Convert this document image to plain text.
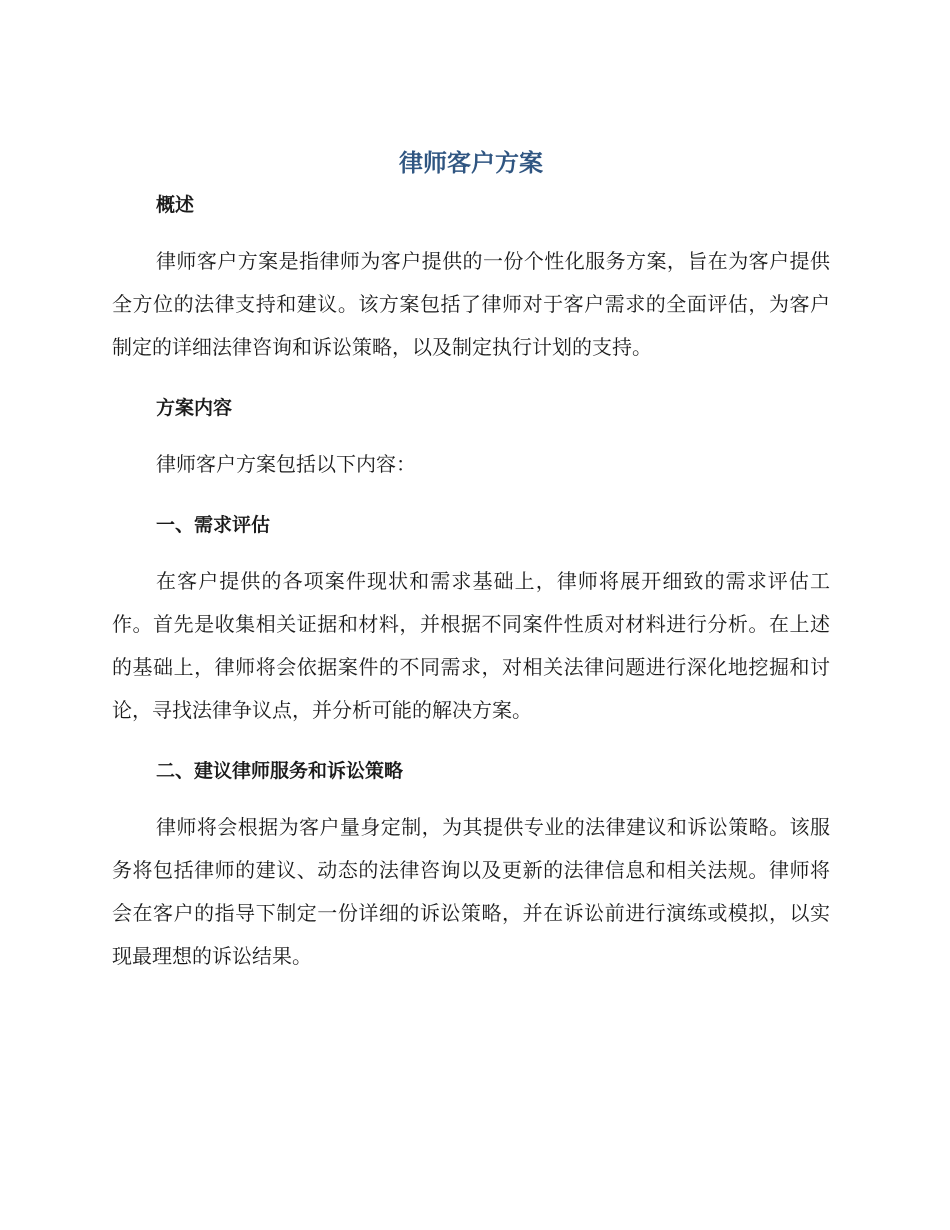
律师客户方案
概述

律师客户方案是指律师为客户提供的一份个性化服务方案，旨在为客户提供全方位的法律支持和建议。该方案包括了律师对于客户需求的全面评估，为客户制定的详细法律咨询和诉讼策略，以及制定执行计划的支持。

方案内容

律师客户方案包括以下内容：

一、需求评估

在客户提供的各项案件现状和需求基础上，律师将展开细致的需求评估工作。首先是收集相关证据和材料，并根据不同案件性质对材料进行分析。在上述的基础上，律师将会依据案件的不同需求，对相关法律问题进行深化地挖掘和讨论，寻找法律争议点，并分析可能的解决方案。

二、建议律师服务和诉讼策略

律师将会根据为客户量身定制，为其提供专业的法律建议和诉讼策略。该服务将包括律师的建议、动态的法律咨询以及更新的法律信息和相关法规。律师将会在客户的指导下制定一份详细的诉讼策略，并在诉讼前进行演练或模拟，以实现最理想的诉讼结果。
